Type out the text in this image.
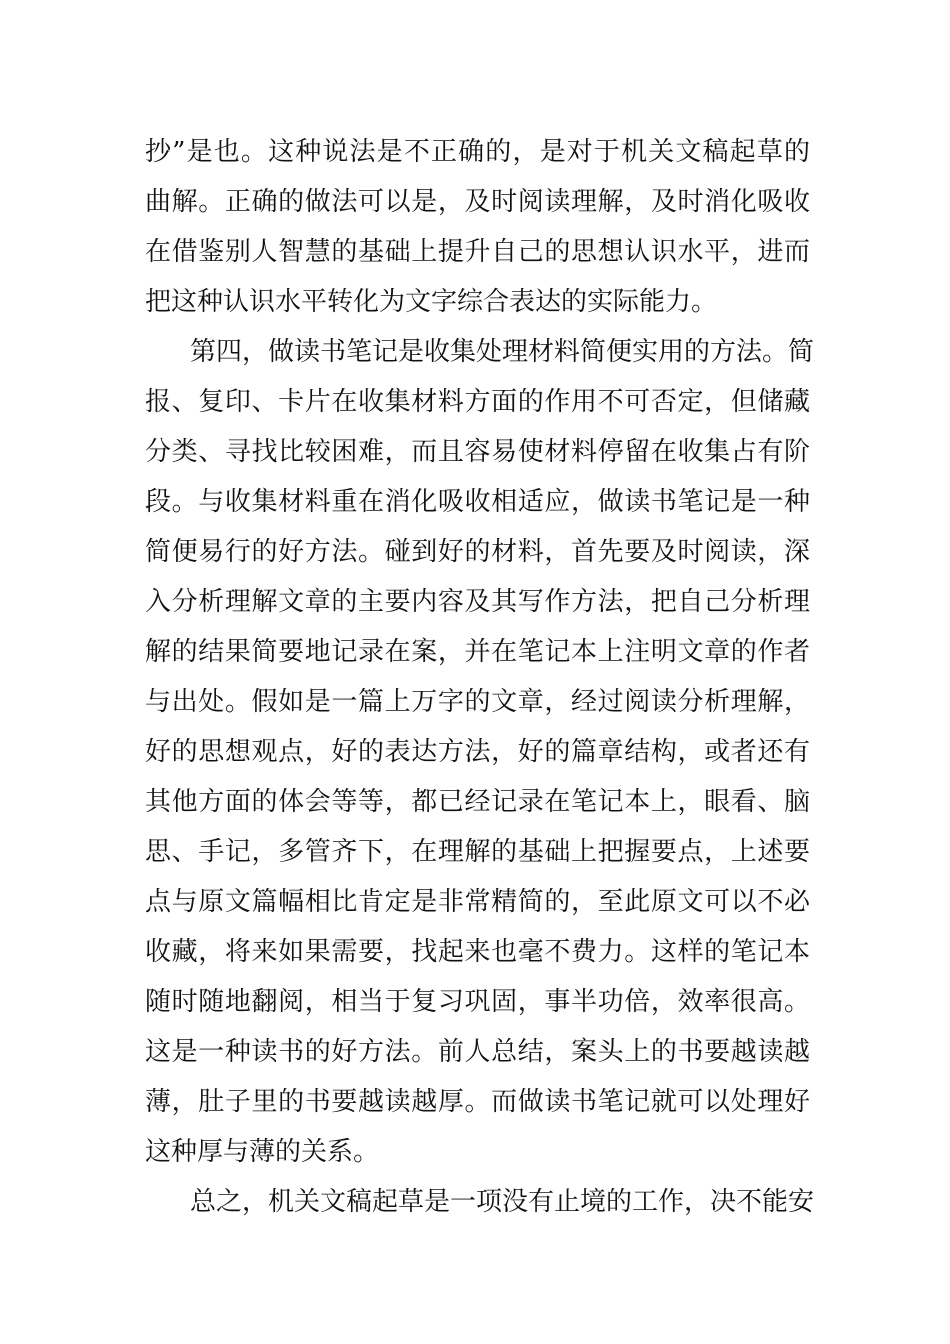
抄”是也。这种说法是不正确的，是对于机关文稿起草的
曲解。正确的做法可以是，及时阅读理解，及时消化吸收
在借鉴别人智慧的基础上提升自己的思想认识水平，进而
把这种认识水平转化为文字综合表达的实际能力。
第四，做读书笔记是收集处理材料简便实用的方法。简
报、复印、卡片在收集材料方面的作用不可否定，但储藏
分类、寻找比较困难，而且容易使材料停留在收集占有阶
段。与收集材料重在消化吸收相适应，做读书笔记是一种
简便易行的好方法。碰到好的材料，首先要及时阅读，深
入分析理解文章的主要内容及其写作方法，把自己分析理
解的结果简要地记录在案，并在笔记本上注明文章的作者
与出处。假如是一篇上万字的文章，经过阅读分析理解，
好的思想观点，好的表达方法，好的篇章结构，或者还有
其他方面的体会等等，都已经记录在笔记本上，眼看、脑
思、手记，多管齐下，在理解的基础上把握要点，上述要
点与原文篇幅相比肯定是非常精简的，至此原文可以不必
收藏，将来如果需要，找起来也毫不费力。这样的笔记本
随时随地翻阅，相当于复习巩固，事半功倍，效率很高。
这是一种读书的好方法。前人总结，案头上的书要越读越
薄，肚子里的书要越读越厚。而做读书笔记就可以处理好
这种厚与薄的关系。
总之，机关文稿起草是一项没有止境的工作，决不能安
